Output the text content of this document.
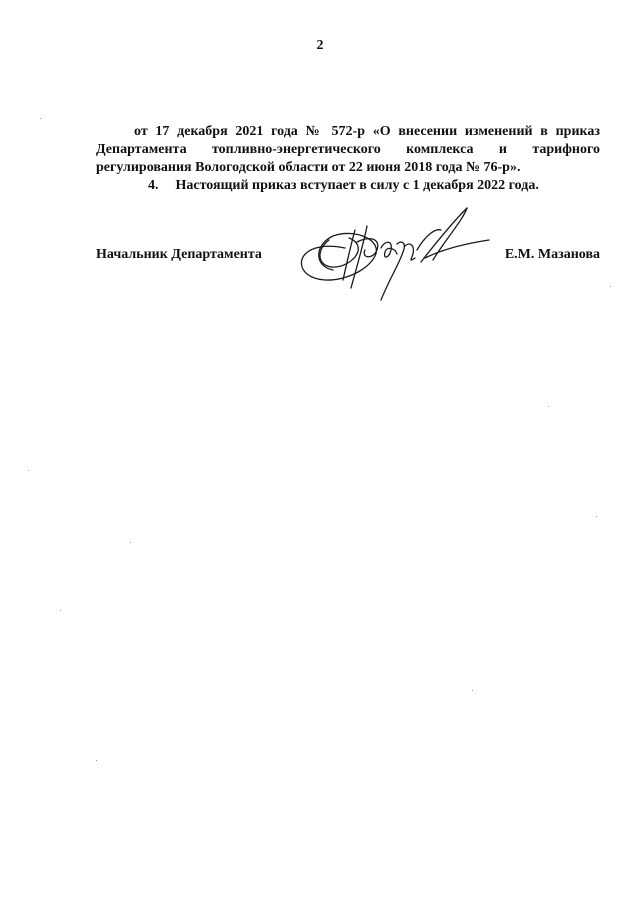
2
от 17 декабря 2021 года № 572-р «О внесении изменений в приказ
Департамента топливно-энергетического комплекса и тарифного
регулирования Вологодской области от 22 июня 2018 года № 76-р».
4. Настоящий приказ вступает в силу с 1 декабря 2022 года.
Начальник Департамента	Е.М. Мазанова
